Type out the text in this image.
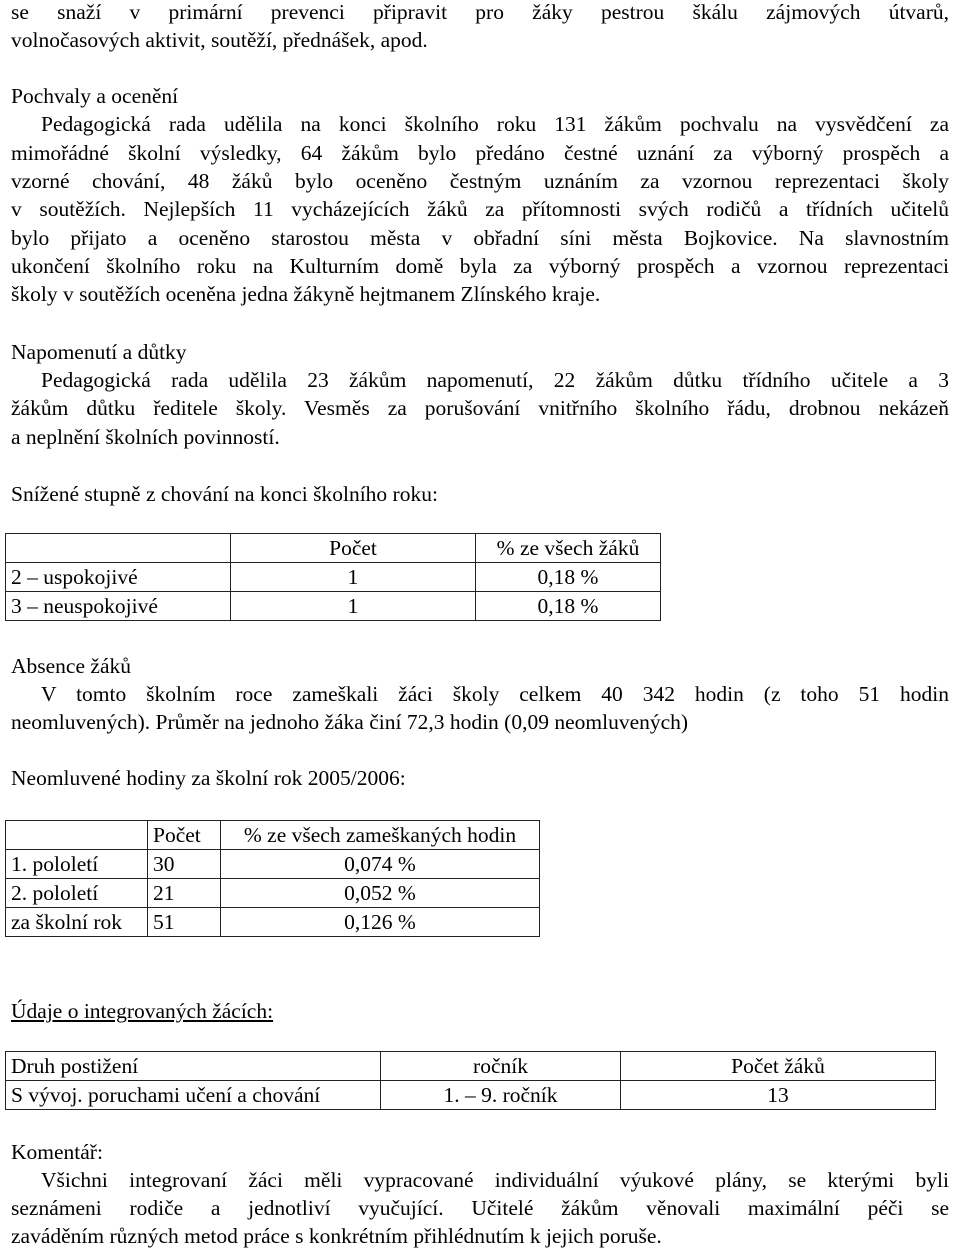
se snaží v primární prevenci připravit pro žáky pestrou škálu zájmových útvarů,
volnočasových aktivit, soutěží, přednášek, apod.
Pochvaly a ocenění
Pedagogická rada udělila na konci školního roku 131 žákům pochvalu na vysvědčení za
mimořádné školní výsledky, 64 žákům bylo předáno čestné uznání za výborný prospěch a
vzorné chování, 48 žáků bylo oceněno čestným uznáním za vzornou reprezentaci školy
v soutěžích. Nejlepších 11 vycházejících žáků za přítomnosti svých rodičů a třídních učitelů
bylo přijato a oceněno starostou města v obřadní síni města Bojkovice. Na slavnostním
ukončení školního roku na Kulturním domě byla za výborný prospěch a vzornou reprezentaci
školy v soutěžích oceněna jedna žákyně hejtmanem Zlínského kraje.
Napomenutí a důtky
Pedagogická rada udělila 23 žákům napomenutí, 22 žákům důtku třídního učitele a 3
žákům důtku ředitele školy. Vesměs za porušování vnitřního školního řádu, drobnou nekázeň
a neplnění školních povinností.
Snížené stupně z chování na konci školního roku:
	Počet	% ze všech žáků
2 – uspokojivé	1	0,18 %
3 – neuspokojivé	1	0,18 %
Absence žáků
V tomto školním roce zameškali žáci školy celkem 40 342 hodin (z toho 51 hodin
neomluvených). Průměr na jednoho žáka činí 72,3 hodin (0,09 neomluvených)
Neomluvené hodiny za školní rok 2005/2006:
	Počet	% ze všech zameškaných hodin
1. pololetí	30	0,074 %
2. pololetí	21	0,052 %
za školní rok	51	0,126 %
Údaje o integrovaných žácích:
Druh postižení	ročník	Počet žáků
S vývoj. poruchami učení a chování	1. – 9. ročník	13
Komentář:
Všichni integrovaní žáci měli vypracované individuální výukové plány, se kterými byli
seznámeni rodiče a jednotliví vyučující. Učitelé žákům věnovali maximální péči se
zaváděním různých metod práce s konkrétním přihlédnutím k jejich poruše.
